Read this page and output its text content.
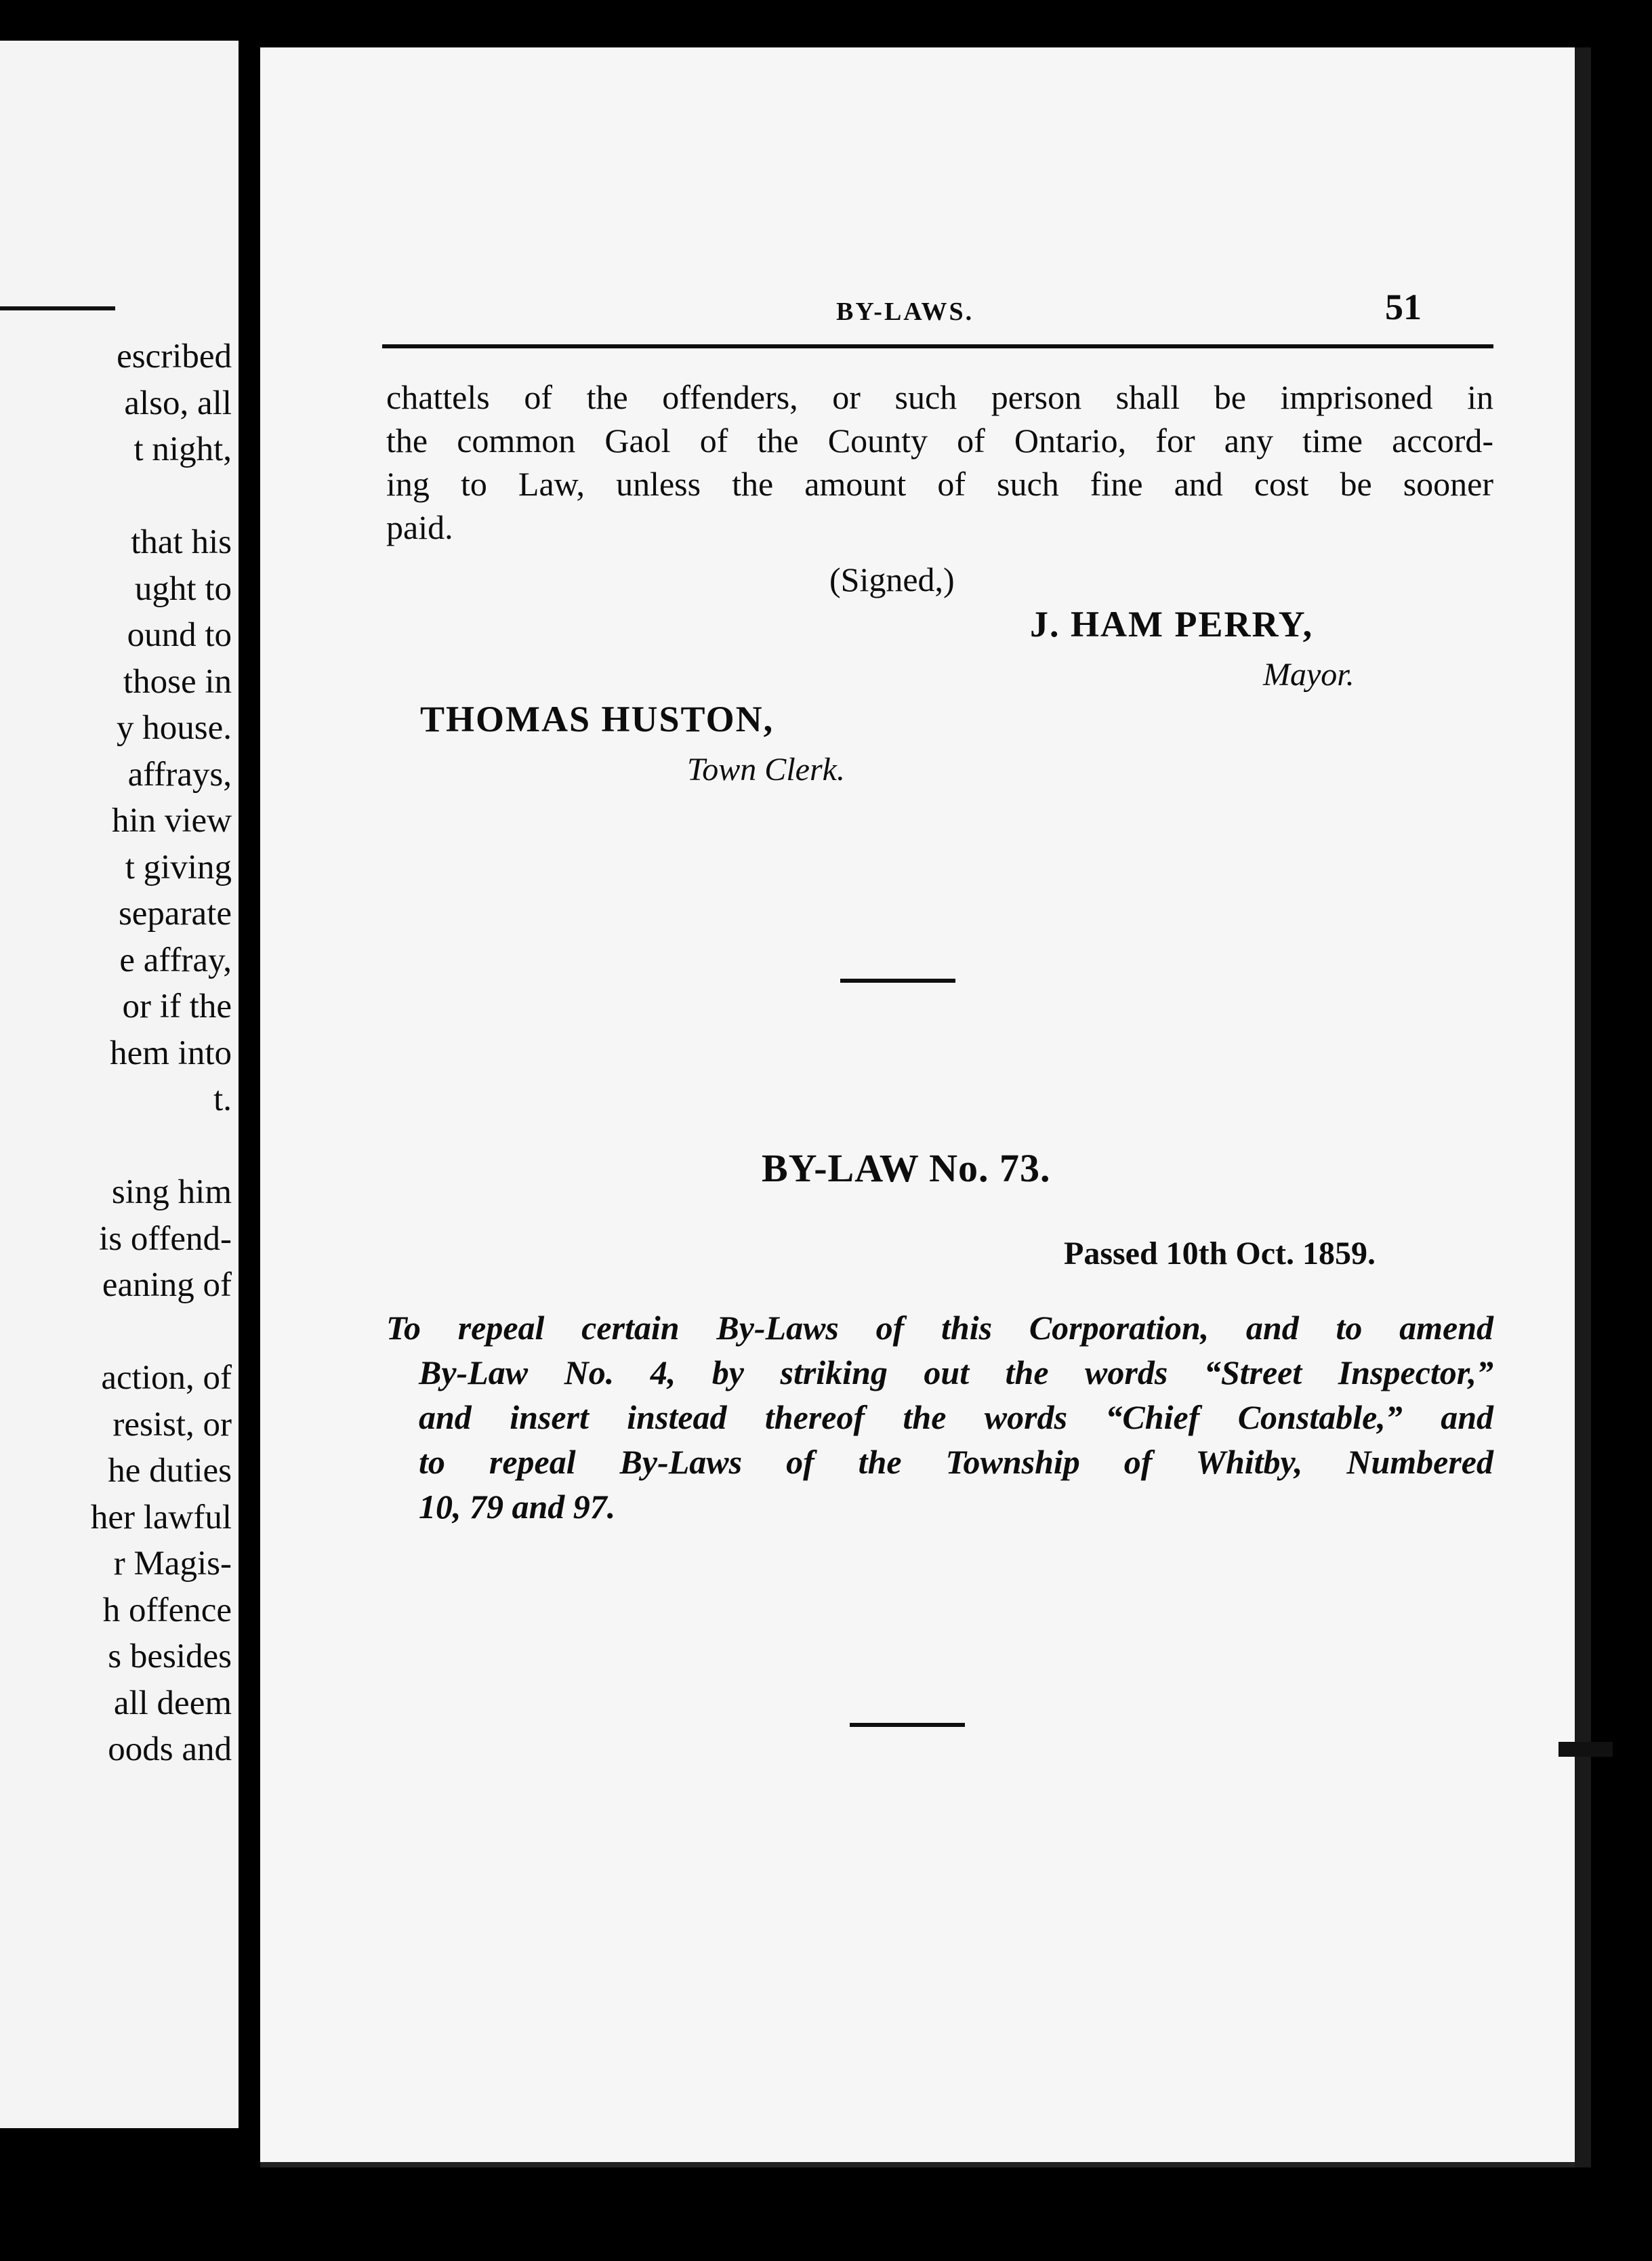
escribed
also, all
t night,
that his
ught to
ound to
those in
y house.
affrays,
hin view
t giving
separate
e affray,
or if the
hem into
t.
sing him
is offend-
eaning of
action, of
resist, or
he duties
her lawful
r Magis-
h offence
s besides
all deem
oods and
BY-LAWS.	51
chattels of the offenders, or such person shall be imprisoned in
the common Gaol of the County of Ontario, for any time accord-
ing to Law, unless the amount of such fine and cost be sooner
paid.
(Signed,)
J. HAM PERRY,
Mayor.
THOMAS HUSTON,
Town Clerk.
BY-LAW No. 73.
Passed 10th Oct. 1859.
To repeal certain By-Laws of this Corporation, and to amend
By-Law No. 4, by striking out the words “Street Inspector,”
and insert instead thereof the words “Chief Constable,” and
to repeal By-Laws of the Township of Whitby, Numbered
10, 79 and 97.
